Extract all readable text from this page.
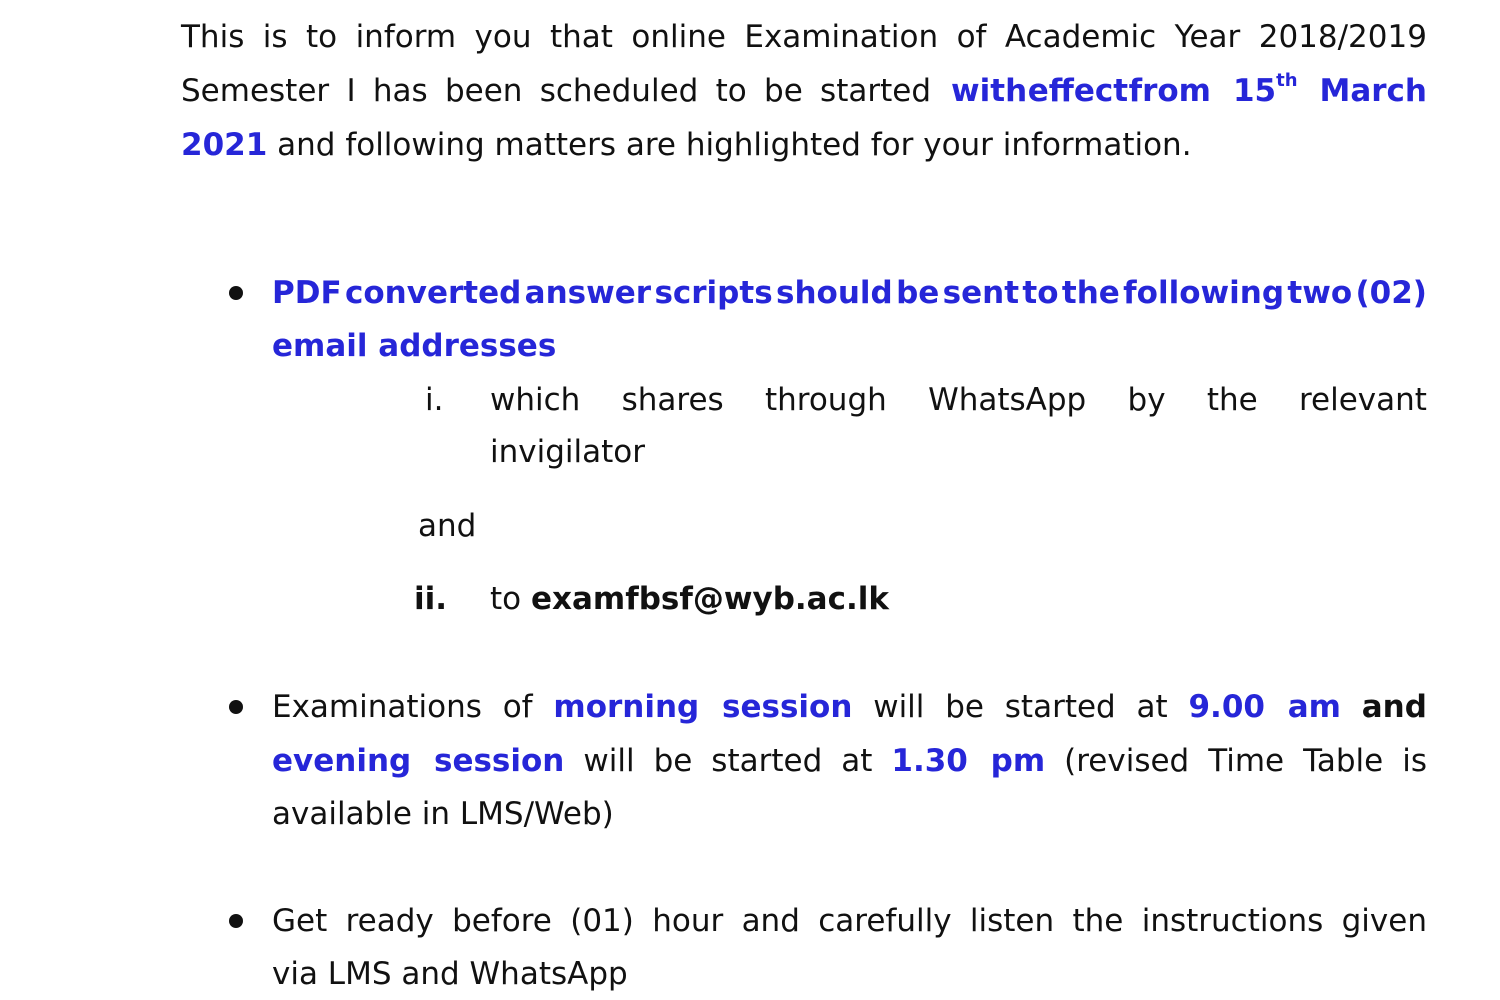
This is to inform you that online Examination of Academic Year 2018/2019
Semester I has been scheduled to be started with effect from 15th March
2021 and following matters are highlighted for your information.
PDF converted answer scripts should be sent to the following two (02)
email addresses
i. which shares through WhatsApp by the relevant
invigilator
and
ii. to examfbsf@wyb.ac.lk
Examinations of morning session will be started at 9.00 am and
evening session will be started at 1.30 pm (revised Time Table is
available in LMS/Web)
Get ready before (01) hour and carefully listen the instructions given
via LMS and WhatsApp
